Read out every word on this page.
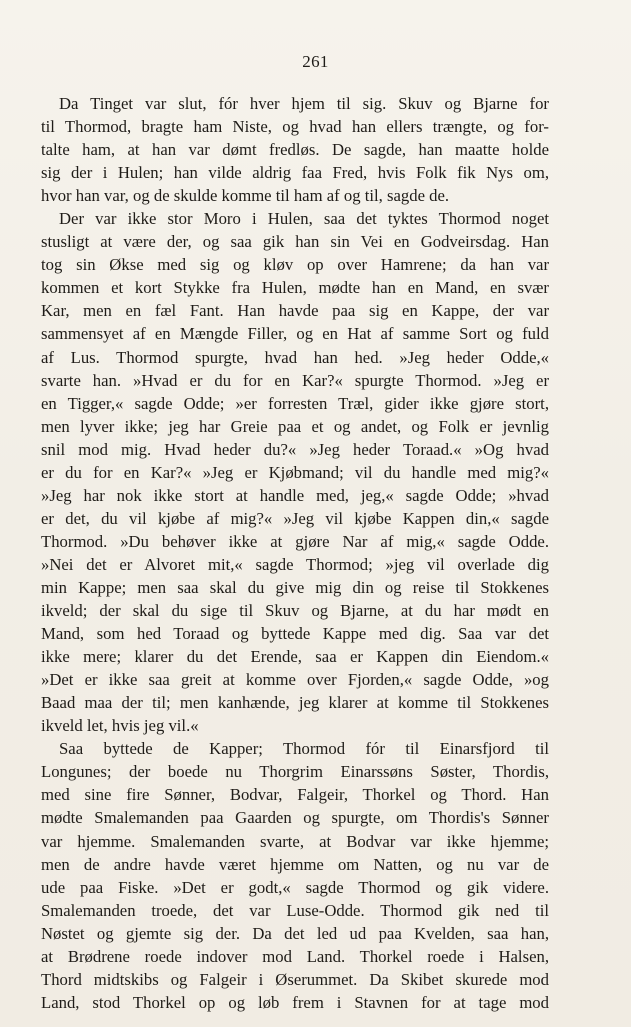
261
Da Tinget var slut, fór hver hjem til sig. Skuv og Bjarne for
til Thormod, bragte ham Niste, og hvad han ellers trængte, og for-
talte ham, at han var dømt fredløs. De sagde, han maatte holde
sig der i Hulen; han vilde aldrig faa Fred, hvis Folk fik Nys om,
hvor han var, og de skulde komme til ham af og til, sagde de.
Der var ikke stor Moro i Hulen, saa det tyktes Thormod noget
stusligt at være der, og saa gik han sin Vei en Godveirsdag. Han
tog sin Økse med sig og kløv op over Hamrene; da han var
kommen et kort Stykke fra Hulen, mødte han en Mand, en svær
Kar, men en fæl Fant. Han havde paa sig en Kappe, der var
sammensyet af en Mængde Filler, og en Hat af samme Sort og fuld
af Lus. Thormod spurgte, hvad han hed. »Jeg heder Odde,«
svarte han. »Hvad er du for en Kar?« spurgte Thormod. »Jeg er
en Tigger,« sagde Odde; »er forresten Træl, gider ikke gjøre stort,
men lyver ikke; jeg har Greie paa et og andet, og Folk er jevnlig
snil mod mig. Hvad heder du?« »Jeg heder Toraad.« »Og hvad
er du for en Kar?« »Jeg er Kjøbmand; vil du handle med mig?«
»Jeg har nok ikke stort at handle med, jeg,« sagde Odde; »hvad
er det, du vil kjøbe af mig?« »Jeg vil kjøbe Kappen din,« sagde
Thormod. »Du behøver ikke at gjøre Nar af mig,« sagde Odde.
»Nei det er Alvoret mit,« sagde Thormod; »jeg vil overlade dig
min Kappe; men saa skal du give mig din og reise til Stokkenes
ikveld; der skal du sige til Skuv og Bjarne, at du har mødt en
Mand, som hed Toraad og byttede Kappe med dig. Saa var det
ikke mere; klarer du det Erende, saa er Kappen din Eiendom.«
»Det er ikke saa greit at komme over Fjorden,« sagde Odde, »og
Baad maa der til; men kanhænde, jeg klarer at komme til Stokkenes
ikveld let, hvis jeg vil.«
Saa byttede de Kapper; Thormod fór til Einarsfjord til
Longunes; der boede nu Thorgrim Einarssøns Søster, Thordis,
med sine fire Sønner, Bodvar, Falgeir, Thorkel og Thord. Han
mødte Smalemanden paa Gaarden og spurgte, om Thordis's Sønner
var hjemme. Smalemanden svarte, at Bodvar var ikke hjemme;
men de andre havde været hjemme om Natten, og nu var de
ude paa Fiske. »Det er godt,« sagde Thormod og gik videre.
Smalemanden troede, det var Luse-Odde. Thormod gik ned til
Nøstet og gjemte sig der. Da det led ud paa Kvelden, saa han,
at Brødrene roede indover mod Land. Thorkel roede i Halsen,
Thord midtskibs og Falgeir i Øserummet. Da Skibet skurede mod
Land, stod Thorkel op og løb frem i Stavnen for at tage mod
